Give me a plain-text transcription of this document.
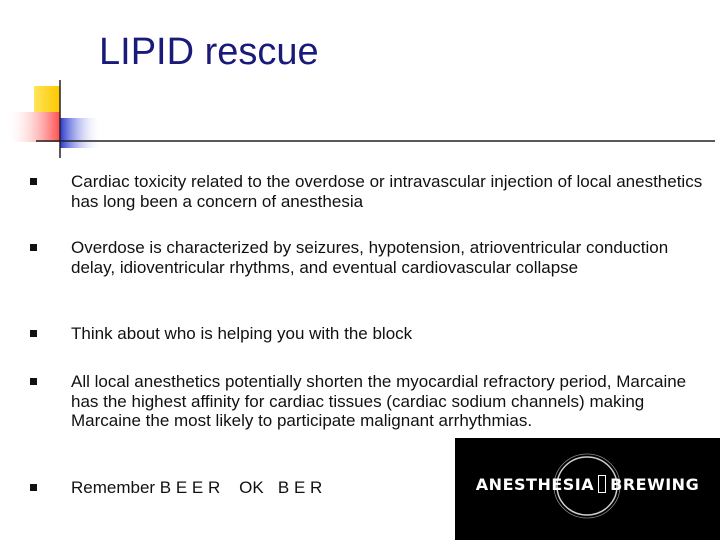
LIPID rescue
Cardiac toxicity related to the overdose or intravascular injection of local anesthetics has long been a concern of anesthesia
Overdose is characterized by seizures, hypotension, atrioventricular conduction delay, idioventricular rhythms, and eventual cardiovascular collapse
Think about who is helping you with the block
All local anesthetics potentially shorten the myocardial refractory period, Marcaine has the highest affinity for cardiac tissues (cardiac sodium channels) making Marcaine the most likely to participate malignant arrhythmias.
Remember B E E R    OK   B E R	ANESTHESIA BREWING
